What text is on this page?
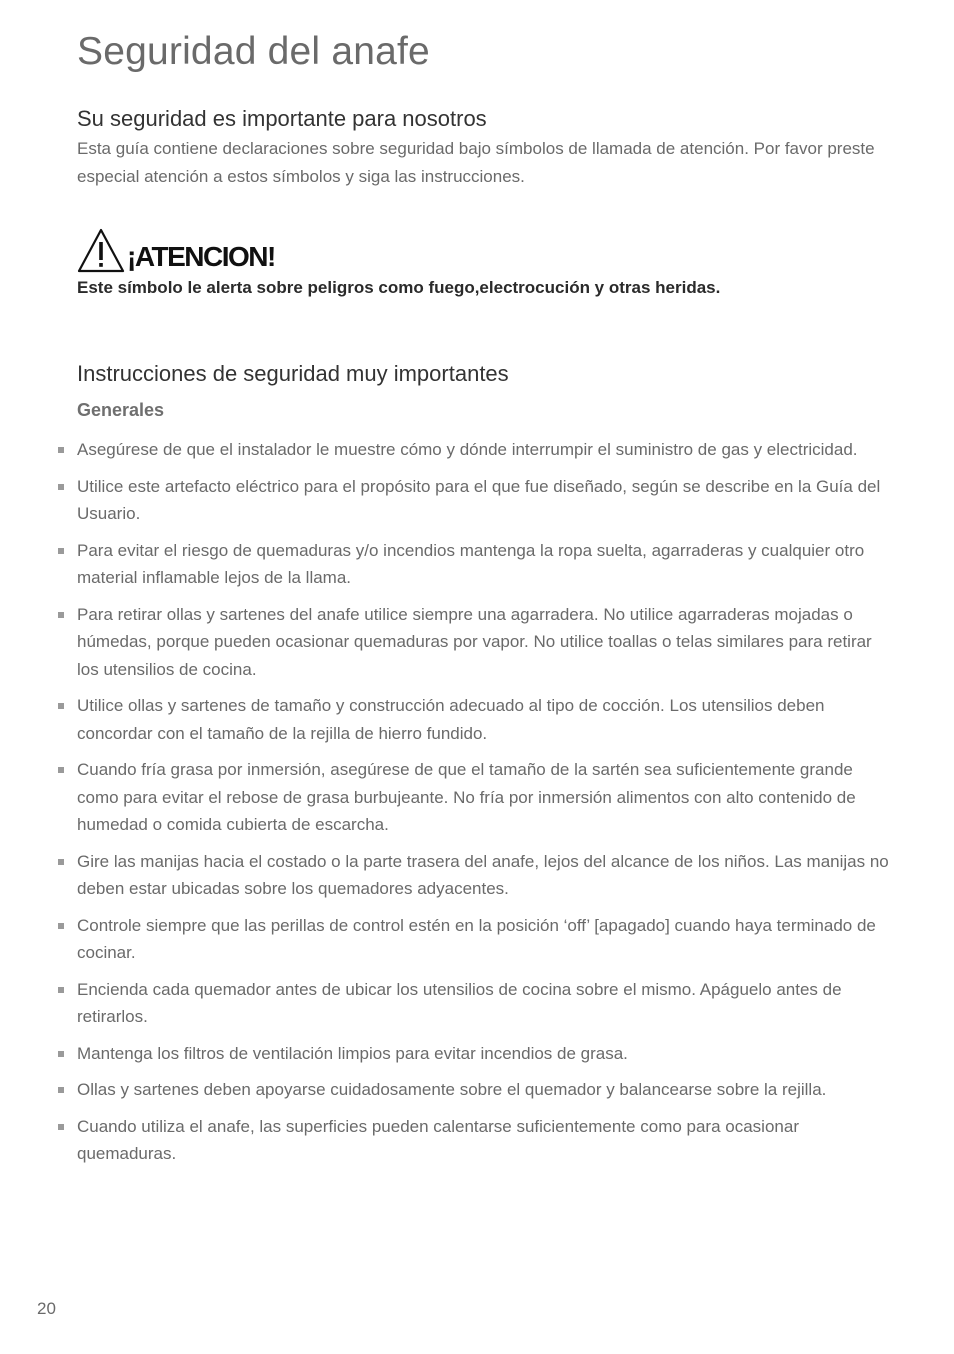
Seguridad del anafe
Su seguridad es importante para nosotros

Esta guía contiene declaraciones sobre seguridad bajo símbolos de llamada de atención. Por favor preste especial atención a estos símbolos y siga las instrucciones.

¡ATENCION!

Este símbolo le alerta sobre peligros como fuego,electrocución y otras heridas.

Instrucciones de seguridad muy importantes
Generales
Asegúrese de que el instalador le muestre cómo y dónde interrumpir el suministro de gas y electricidad.
Utilice este artefacto eléctrico para el propósito para el que fue diseñado, según se describe en la Guía del Usuario.
Para evitar el riesgo de quemaduras y/o incendios mantenga la ropa suelta, agarraderas y cualquier otro material inflamable lejos de la llama.
Para retirar ollas y sartenes del anafe utilice siempre una agarradera. No utilice agarraderas mojadas o húmedas, porque pueden ocasionar quemaduras por vapor. No utilice toallas o telas similares para retirar los utensilios de cocina.
Utilice ollas y sartenes de tamaño y construcción adecuado al tipo de cocción. Los utensilios deben concordar con el tamaño de la rejilla de hierro fundido.
Cuando fría grasa por inmersión, asegúrese de que el tamaño de la sartén sea suficientemente grande como para evitar el rebose de grasa burbujeante. No fría por inmersión alimentos con alto contenido de humedad o comida cubierta de escarcha.
Gire las manijas hacia el costado o la parte trasera del anafe, lejos del alcance de los niños. Las manijas no deben estar ubicadas sobre los quemadores adyacentes.
Controle siempre que las perillas de control estén en la posición ‘off’ [apagado] cuando haya terminado de cocinar.
Encienda cada quemador antes de ubicar los utensilios de cocina sobre el mismo. Apáguelo antes de retirarlos.
Mantenga los filtros de ventilación limpios para evitar incendios de grasa.
Ollas y sartenes deben apoyarse cuidadosamente sobre el quemador y balancearse sobre la rejilla.
Cuando utiliza el anafe, las superficies pueden calentarse suficientemente como para ocasionar quemaduras.
20
